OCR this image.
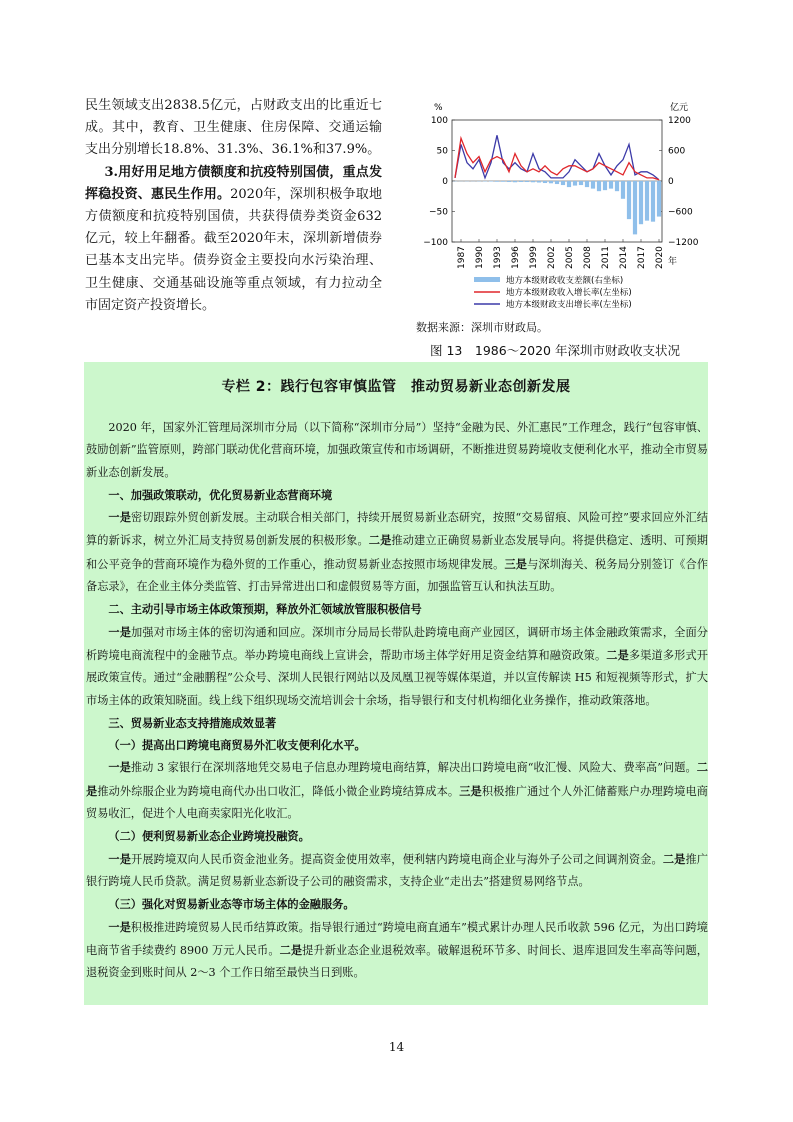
民生领域支出2838.5亿元，占财政支出的比重近七成。其中，教育、卫生健康、住房保障、交通运输支出分别增长18.8%、31.3%、36.1%和37.9%。

3.用好用足地方债额度和抗疫特别国债，重点发挥稳投资、惠民生作用。2020年，深圳积极争取地方债额度和抗疫特别国债，共获得债券类资金632亿元，较上年翻番。截至2020年末，深圳新增债券已基本支出完毕。债券资金主要投向水污染治理、卫生健康、交通基础设施等重点领域，有力拉动全市固定资产投资增长。

100
50
0
−50
−100
1200
600
0
−600
−1200
%	亿元
1987 1990 1993 1996 1999 2002 2005 2008 2011 2014 2017 2020 年
地方本级财政收支差额(右坐标)
地方本级财政收入增长率(左坐标)
地方本级财政支出增长率(左坐标)
数据来源：深圳市财政局。
图 13　1986～2020 年深圳市财政收支状况
专栏 2：践行包容审慎监管　推动贸易新业态创新发展

2020 年，国家外汇管理局深圳市分局（以下简称“深圳市分局”）坚持“金融为民、外汇惠民”工作理念，践行“包容审慎、鼓励创新”监管原则，跨部门联动优化营商环境，加强政策宣传和市场调研，不断推进贸易跨境收支便利化水平，推动全市贸易新业态创新发展。

一、加强政策联动，优化贸易新业态营商环境

一是密切跟踪外贸创新发展。主动联合相关部门，持续开展贸易新业态研究，按照“交易留痕、风险可控”要求回应外汇结算的新诉求，树立外汇局支持贸易创新发展的积极形象。二是推动建立正确贸易新业态发展导向。将提供稳定、透明、可预期和公平竞争的营商环境作为稳外贸的工作重心，推动贸易新业态按照市场规律发展。三是与深圳海关、税务局分别签订《合作备忘录》，在企业主体分类监管、打击异常进出口和虚假贸易等方面，加强监管互认和执法互助。

二、主动引导市场主体政策预期，释放外汇领域放管服积极信号

一是加强对市场主体的密切沟通和回应。深圳市分局局长带队赴跨境电商产业园区，调研市场主体金融政策需求，全面分析跨境电商流程中的金融节点。举办跨境电商线上宣讲会，帮助市场主体学好用足资金结算和融资政策。二是多渠道多形式开展政策宣传。通过“金融鹏程”公众号、深圳人民银行网站以及凤凰卫视等媒体渠道，并以宣传解读 H5 和短视频等形式，扩大市场主体的政策知晓面。线上线下组织现场交流培训会十余场，指导银行和支付机构细化业务操作，推动政策落地。

三、贸易新业态支持措施成效显著

（一）提高出口跨境电商贸易外汇收支便利化水平。

一是推动 3 家银行在深圳落地凭交易电子信息办理跨境电商结算，解决出口跨境电商“收汇慢、风险大、费率高”问题。二是推动外综服企业为跨境电商代办出口收汇，降低小微企业跨境结算成本。三是积极推广通过个人外汇储蓄账户办理跨境电商贸易收汇，促进个人电商卖家阳光化收汇。

（二）便利贸易新业态企业跨境投融资。

一是开展跨境双向人民币资金池业务。提高资金使用效率，便利辖内跨境电商企业与海外子公司之间调剂资金。二是推广银行跨境人民币贷款。满足贸易新业态新设子公司的融资需求，支持企业“走出去”搭建贸易网络节点。

（三）强化对贸易新业态等市场主体的金融服务。

一是积极推进跨境贸易人民币结算政策。指导银行通过“跨境电商直通车”模式累计办理人民币收款 596 亿元，为出口跨境电商节省手续费约 8900 万元人民币。二是提升新业态企业退税效率。破解退税环节多、时间长、退库退回发生率高等问题，退税资金到账时间从 2～3 个工作日缩至最快当日到账。

14
